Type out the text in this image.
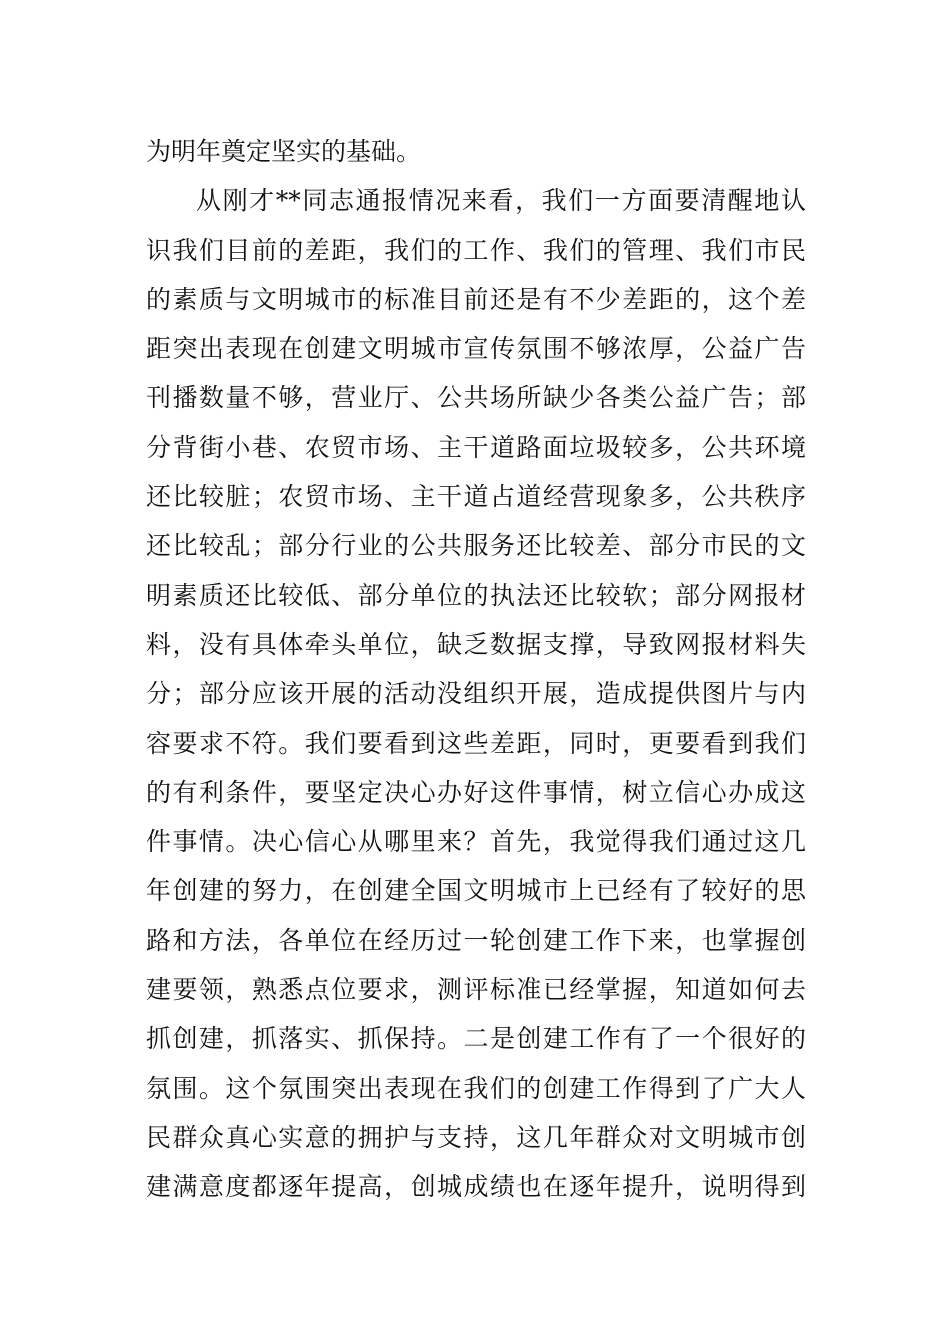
为明年奠定坚实的基础。
从刚才**同志通报情况来看，我们一方面要清醒地认
识我们目前的差距，我们的工作、我们的管理、我们市民
的素质与文明城市的标准目前还是有不少差距的，这个差
距突出表现在创建文明城市宣传氛围不够浓厚，公益广告
刊播数量不够，营业厅、公共场所缺少各类公益广告；部
分背街小巷、农贸市场、主干道路面垃圾较多，公共环境
还比较脏；农贸市场、主干道占道经营现象多，公共秩序
还比较乱；部分行业的公共服务还比较差、部分市民的文
明素质还比较低、部分单位的执法还比较软；部分网报材
料，没有具体牵头单位，缺乏数据支撑，导致网报材料失
分；部分应该开展的活动没组织开展，造成提供图片与内
容要求不符。我们要看到这些差距，同时，更要看到我们
的有利条件，要坚定决心办好这件事情，树立信心办成这
件事情。决心信心从哪里来？首先，我觉得我们通过这几
年创建的努力，在创建全国文明城市上已经有了较好的思
路和方法，各单位在经历过一轮创建工作下来，也掌握创
建要领，熟悉点位要求，测评标准已经掌握，知道如何去
抓创建，抓落实、抓保持。二是创建工作有了一个很好的
氛围。这个氛围突出表现在我们的创建工作得到了广大人
民群众真心实意的拥护与支持，这几年群众对文明城市创
建满意度都逐年提高，创城成绩也在逐年提升，说明得到
